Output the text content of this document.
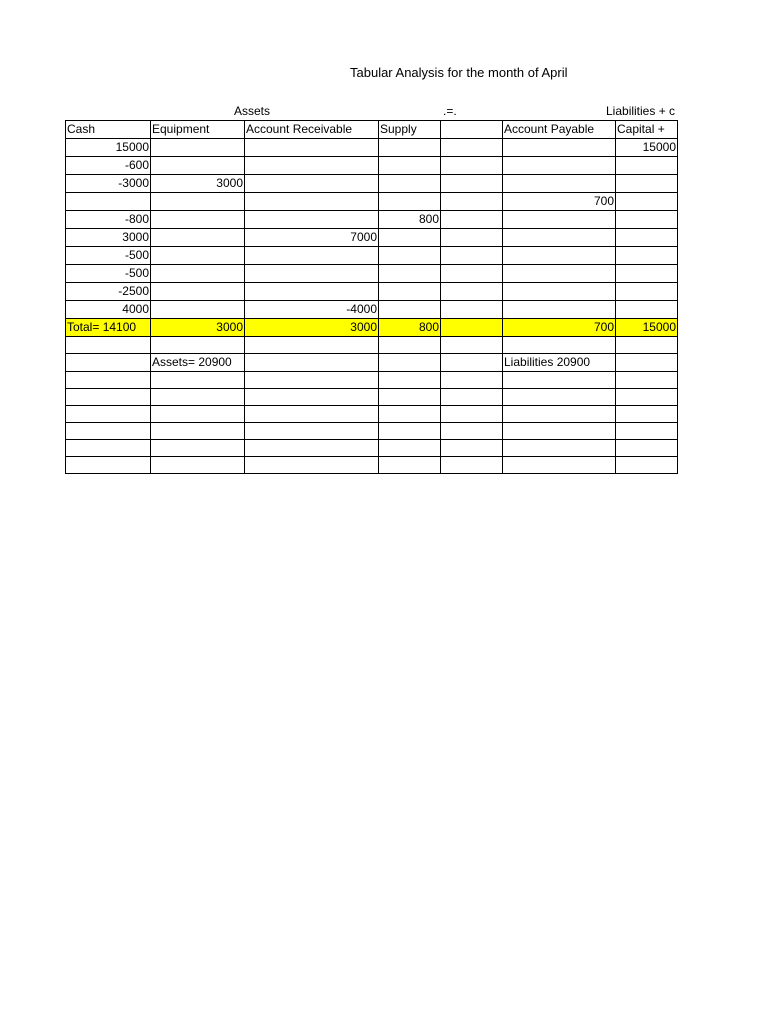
Tabular Analysis for the month of April
Assets	.=.	Liabilities + c
Cash	Equipment	Account Receivable	Supply		Account Payable	Capital +
15000						15000
-600						
-3000	3000					
					700	
-800			800			
3000		7000				
-500						
-500						
-2500						
4000		-4000				
Total= 14100	3000	3000	800		700	15000

	Assets= 20900				Liabilities 20900	
